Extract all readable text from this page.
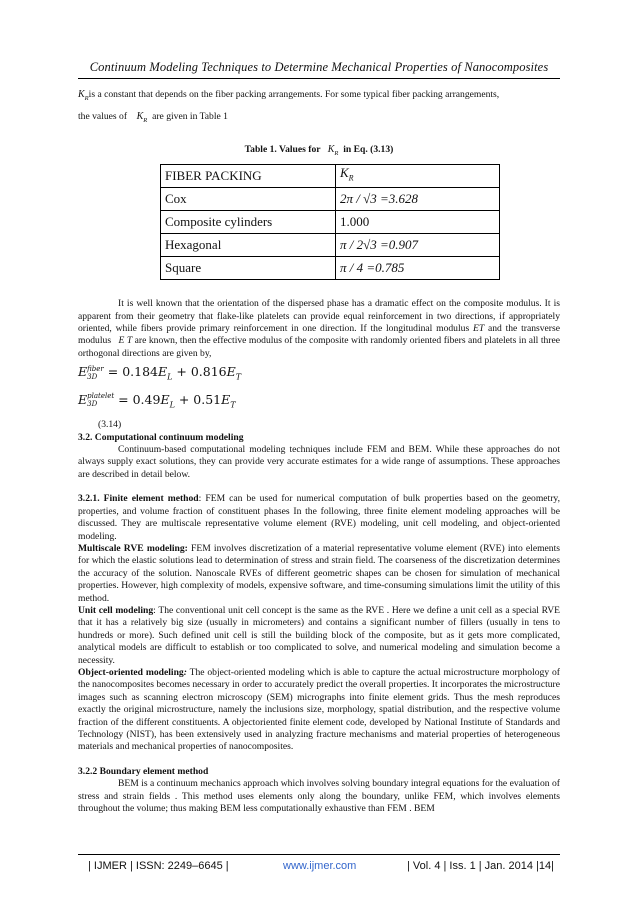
Continuum Modeling Techniques to Determine Mechanical Properties of Nanocomposites

$K_Ris$ a constant that depends on the fiber packing arrangements. For some typical fiber packing arrangements,

the values of $K_R$ are given in Table 1

Table 1. Values for $K_R$ in Eq. (3.13)
FIBER PACKING	$K_R$
Cox	2π / √3 =3.628
Composite cylinders	1.000
Hexagonal	π / 2√3 =0.907
Square	π / 4 =0.785

It is well known that the orientation of the dispersed phase has a dramatic effect on the composite modulus. It is apparent from their geometry that flake-like platelets can provide equal reinforcement in two directions, if appropriately oriented, while fibers provide primary reinforcement in one direction. If the longitudinal modulus ET and the transverse modulus E T are known, then the effective modulus of the composite with randomly oriented fibers and platelets in all three orthogonal directions are given by,

Efiber
$3D = 0.184E_L + 0.816E_T$
Eplatelet
$3D = 0.49E_L + 0.51E_T$
(3.14)

3.2. Computational continuum modeling

Continuum-based computational modeling techniques include FEM and BEM. While these approaches do not always supply exact solutions, they can provide very accurate estimates for a wide range of assumptions. These approaches are described in detail below.

3.2.1. Finite element method: FEM can be used for numerical computation of bulk properties based on the geometry, properties, and volume fraction of constituent phases In the following, three finite element modeling approaches will be discussed. They are multiscale representative volume element (RVE) modeling, unit cell modeling, and object-oriented modeling.

Multiscale RVE modeling: FEM involves discretization of a material representative volume element (RVE) into elements for which the elastic solutions lead to determination of stress and strain field. The coarseness of the discretization determines the accuracy of the solution. Nanoscale RVEs of different geometric shapes can be chosen for simulation of mechanical properties. However, high complexity of models, expensive software, and time-consuming simulations limit the utility of this method.

Unit cell modeling: The conventional unit cell concept is the same as the RVE . Here we define a unit cell as a special RVE that it has a relatively big size (usually in micrometers) and contains a significant number of fillers (usually in tens to hundreds or more). Such defined unit cell is still the building block of the composite, but as it gets more complicated, analytical models are difficult to establish or too complicated to solve, and numerical modeling and simulation become a necessity.

Object-oriented modeling: The object-oriented modeling which is able to capture the actual microstructure morphology of the nanocomposites becomes necessary in order to accurately predict the overall properties. It incorporates the microstructure images such as scanning electron microscopy (SEM) micrographs into finite element grids. Thus the mesh reproduces exactly the original microstructure, namely the inclusions size, morphology, spatial distribution, and the respective volume fraction of the different constituents. A objectoriented finite element code, developed by National Institute of Standards and Technology (NIST), has been extensively used in analyzing fracture mechanisms and material properties of heterogeneous materials and mechanical properties of nanocomposites.

3.2.2 Boundary element method

BEM is a continuum mechanics approach which involves solving boundary integral equations for the evaluation of stress and strain fields . This method uses elements only along the boundary, unlike FEM, which involves elements throughout the volume; thus making BEM less computationally exhaustive than FEM . BEM

| IJMER | ISSN: 2249–6645 |	www.ijmer.com	| Vol. 4 | Iss. 1 | Jan. 2014 |14|
